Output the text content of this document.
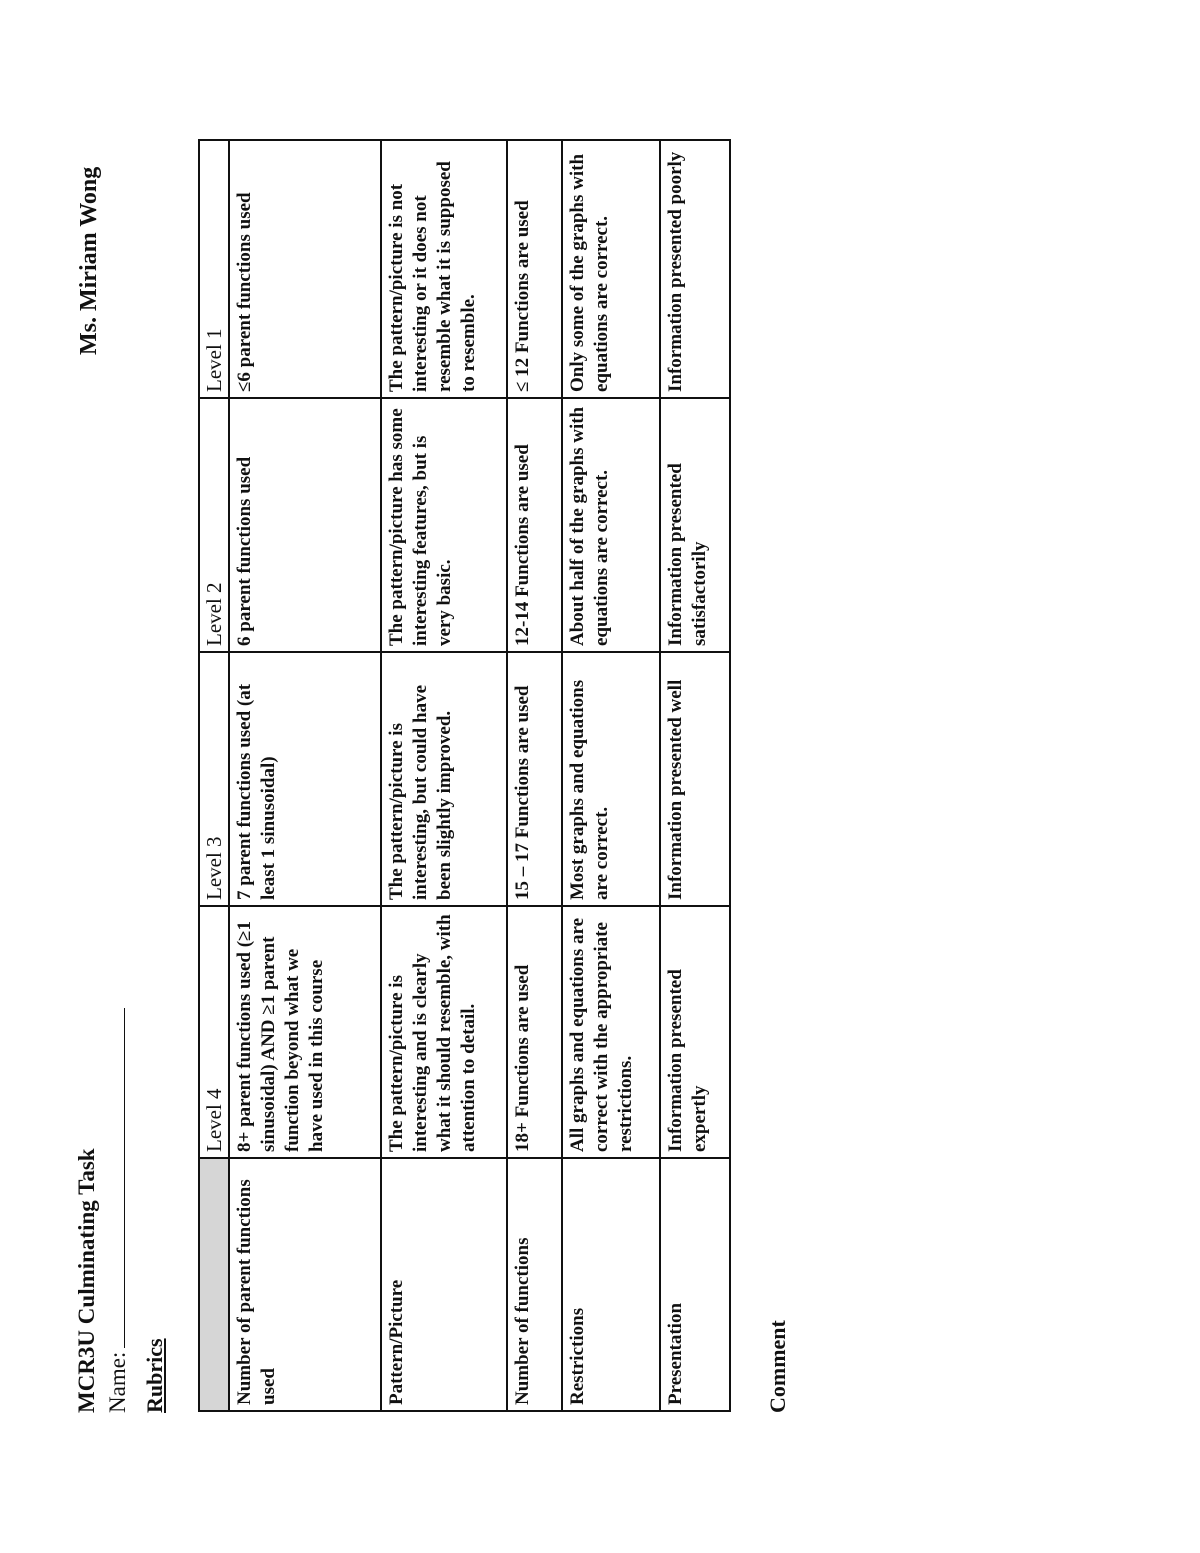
MCR3U Culminating Task Name:
Ms. Miriam Wong
Rubrics
	Level 4	Level 3	Level 2	Level 1
Number of parent functions used	8+ parent functions used (≥1 sinusoidal) AND ≥1 parent function beyond what we have used in this course	7 parent functions used (at least 1 sinusoidal)	6 parent functions used	≤6 parent functions used
Pattern/Picture	The pattern/picture is interesting and is clearly what it should resemble, with attention to detail.	The pattern/picture is interesting, but could have been slightly improved.	The pattern/picture has some interesting features, but is very basic.	The pattern/picture is not interesting or it does not resemble what it is supposed to resemble.
Number of functions	18+ Functions are used	15 – 17 Functions are used	12-14 Functions are used	≤ 12 Functions are used
Restrictions	All graphs and equations are correct with the appropriate restrictions.	Most graphs and equations are correct.	About half of the graphs with equations are correct.	Only some of the graphs with equations are correct.
Presentation	Information presented expertly	Information presented well	Information presented satisfactorily	Information presented poorly
Comment
